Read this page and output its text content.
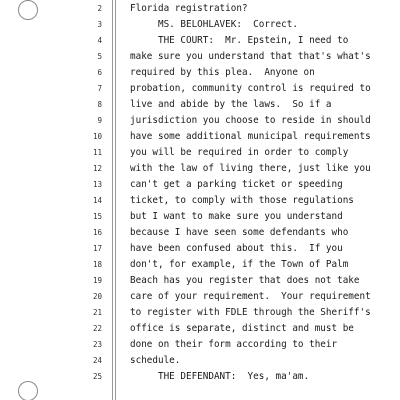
2	Florida registration?
3	MS. BELOHLAVEK:  Correct.
4	THE COURT:  Mr. Epstein, I need to
5	make sure you understand that that's what's
6	required by this plea.  Anyone on
7	probation, community control is required to
8	live and abide by the laws.  So if a
9	jurisdiction you choose to reside in should
10	have some additional municipal requirements
11	you will be required in order to comply
12	with the law of living there, just like you
13	can't get a parking ticket or speeding
14	ticket, to comply with those regulations
15	but I want to make sure you understand
16	because I have seen some defendants who
17	have been confused about this.  If you
18	don't, for example, if the Town of Palm
19	Beach has you register that does not take
20	care of your requirement.  Your requirement
21	to register with FDLE through the Sheriff's
22	office is separate, distinct and must be
23	done on their form according to their
24	schedule.
25	THE DEFENDANT:  Yes, ma'am.
